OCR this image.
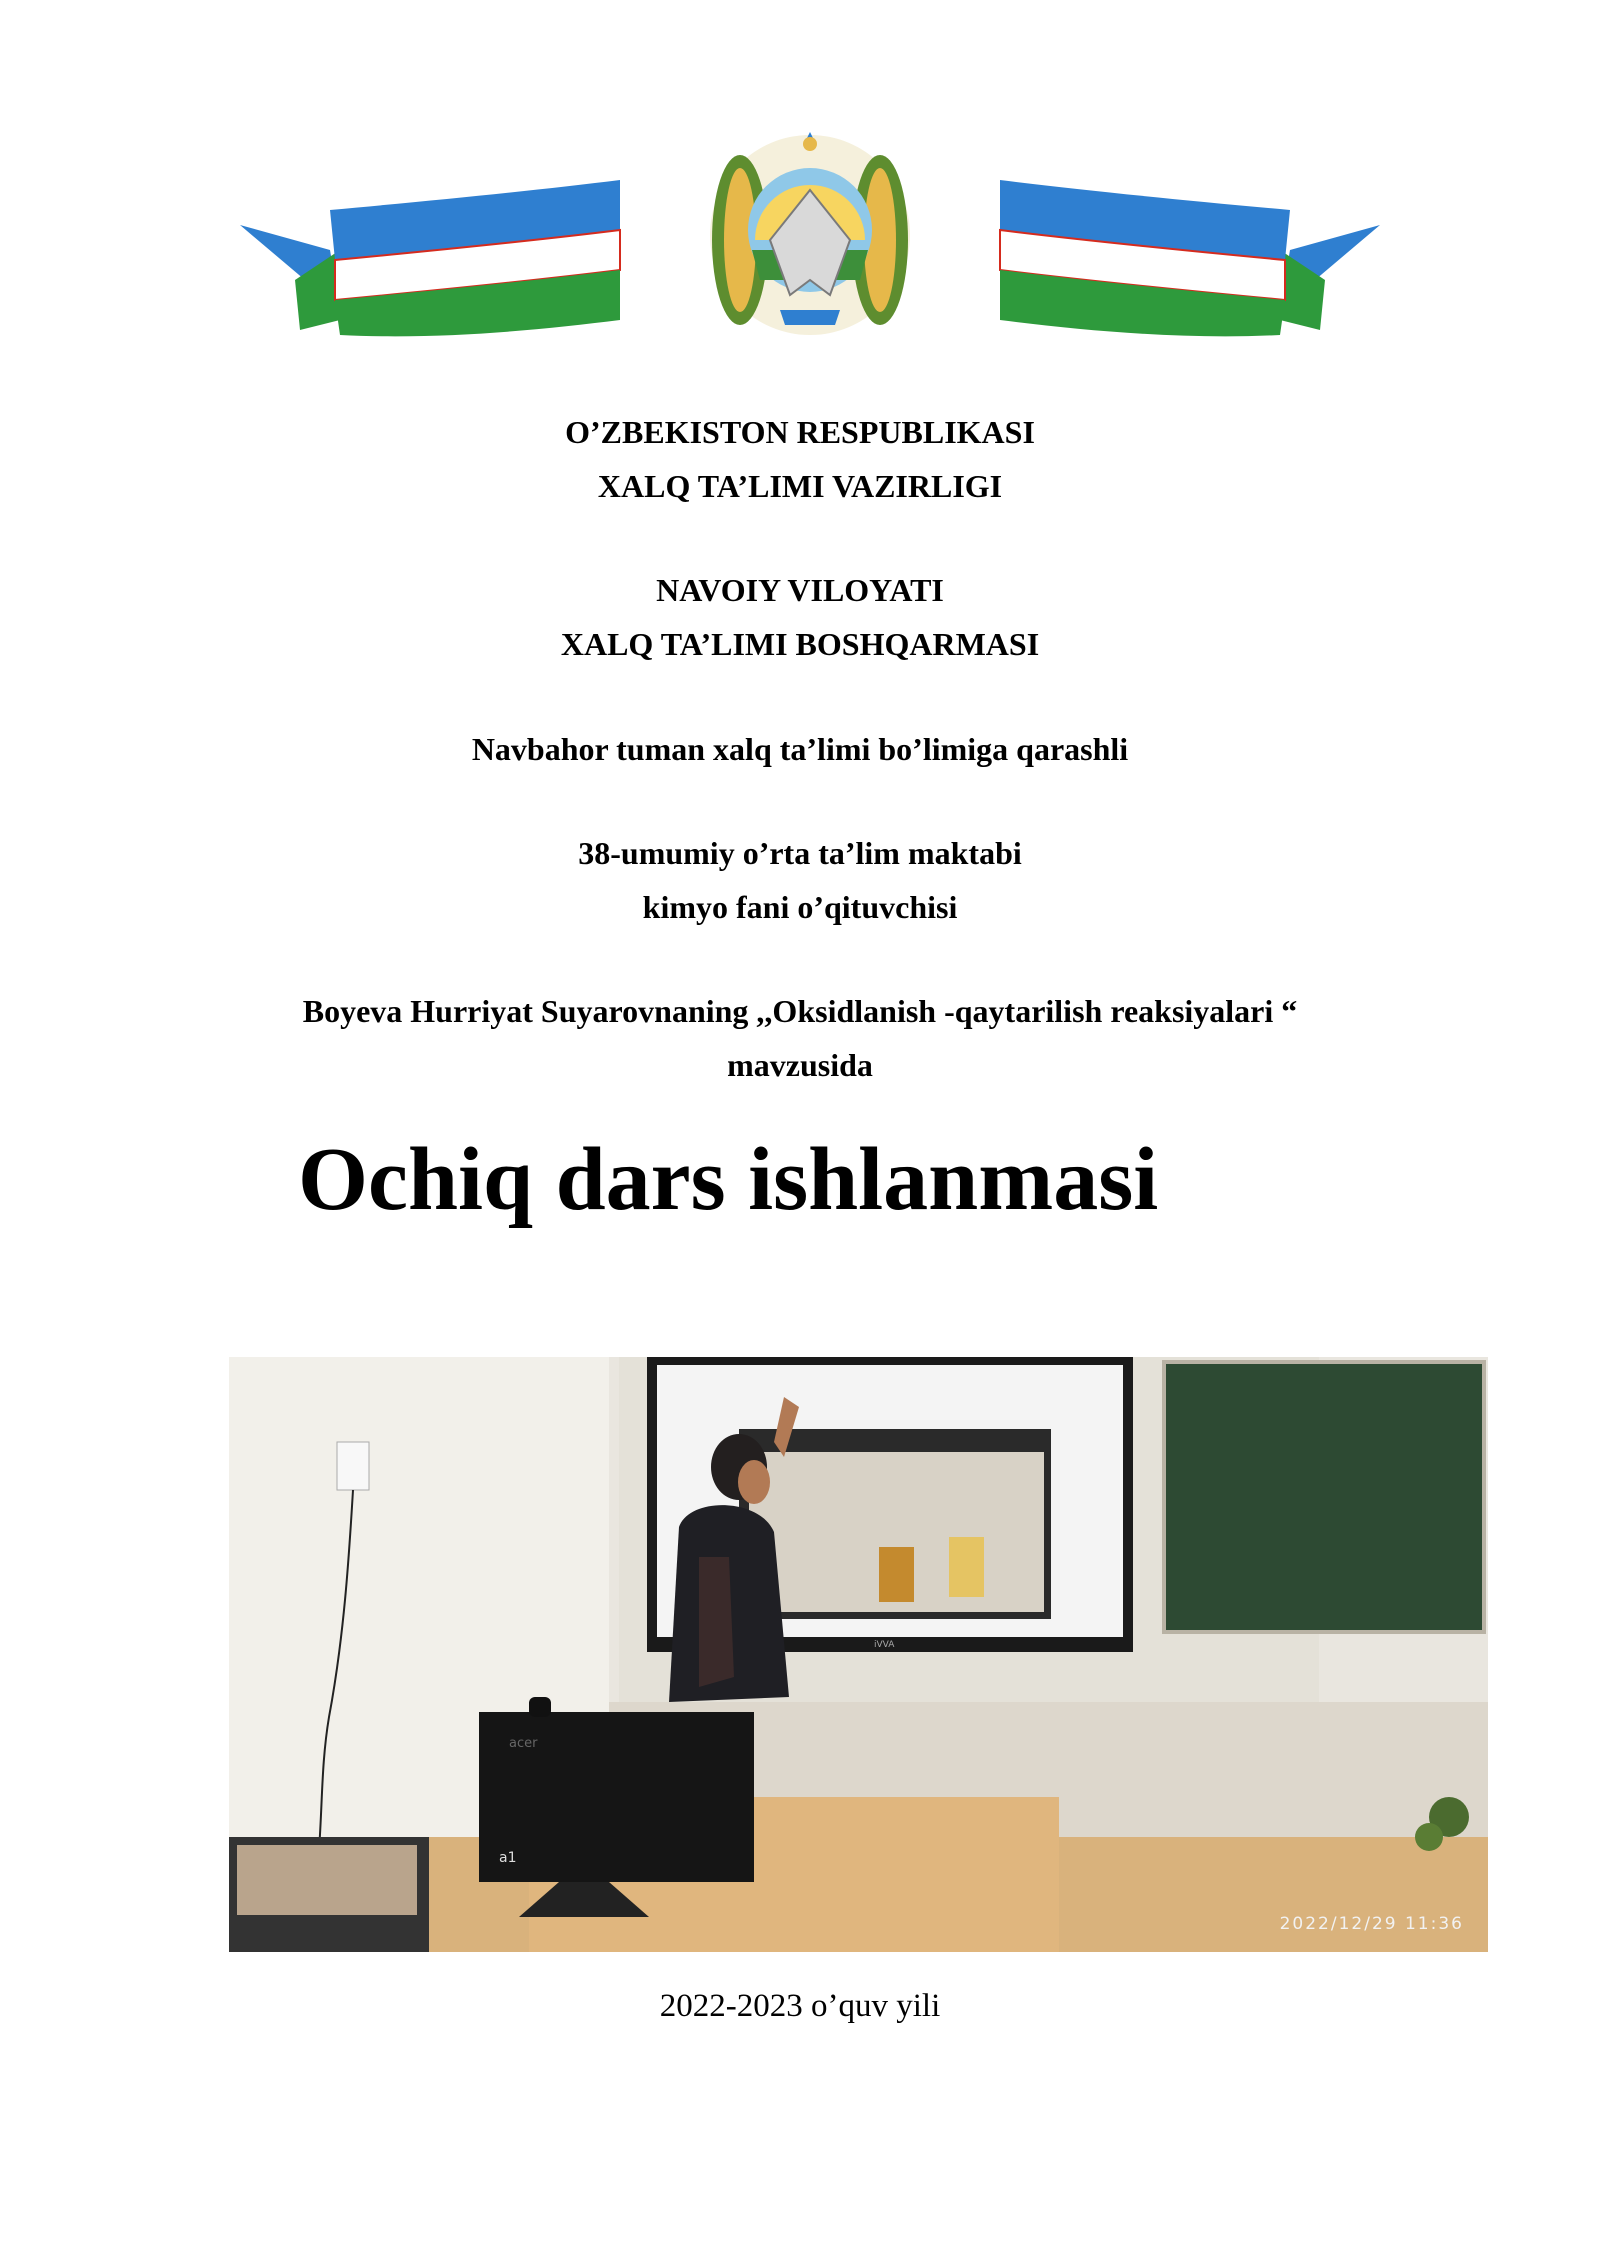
O’ZBEKISTON RESPUBLIKASI
XALQ TA’LIMI VAZIRLIGI
NAVOIY VILOYATI
XALQ TA’LIMI BOSHQARMASI
Navbahor tuman xalq ta’limi bo’limiga qarashli
38-umumiy o’rta ta’lim maktabi
kimyo fani o’qituvchisi
Boyeva Hurriyat Suyarovnaning ,,Oksidlanish -qaytarilish reaksiyalari “
mavzusida
Ochiq dars ishlanmasi
iVVA
a1
acer
2022/12/29 11:36
2022-2023 o’quv yili
